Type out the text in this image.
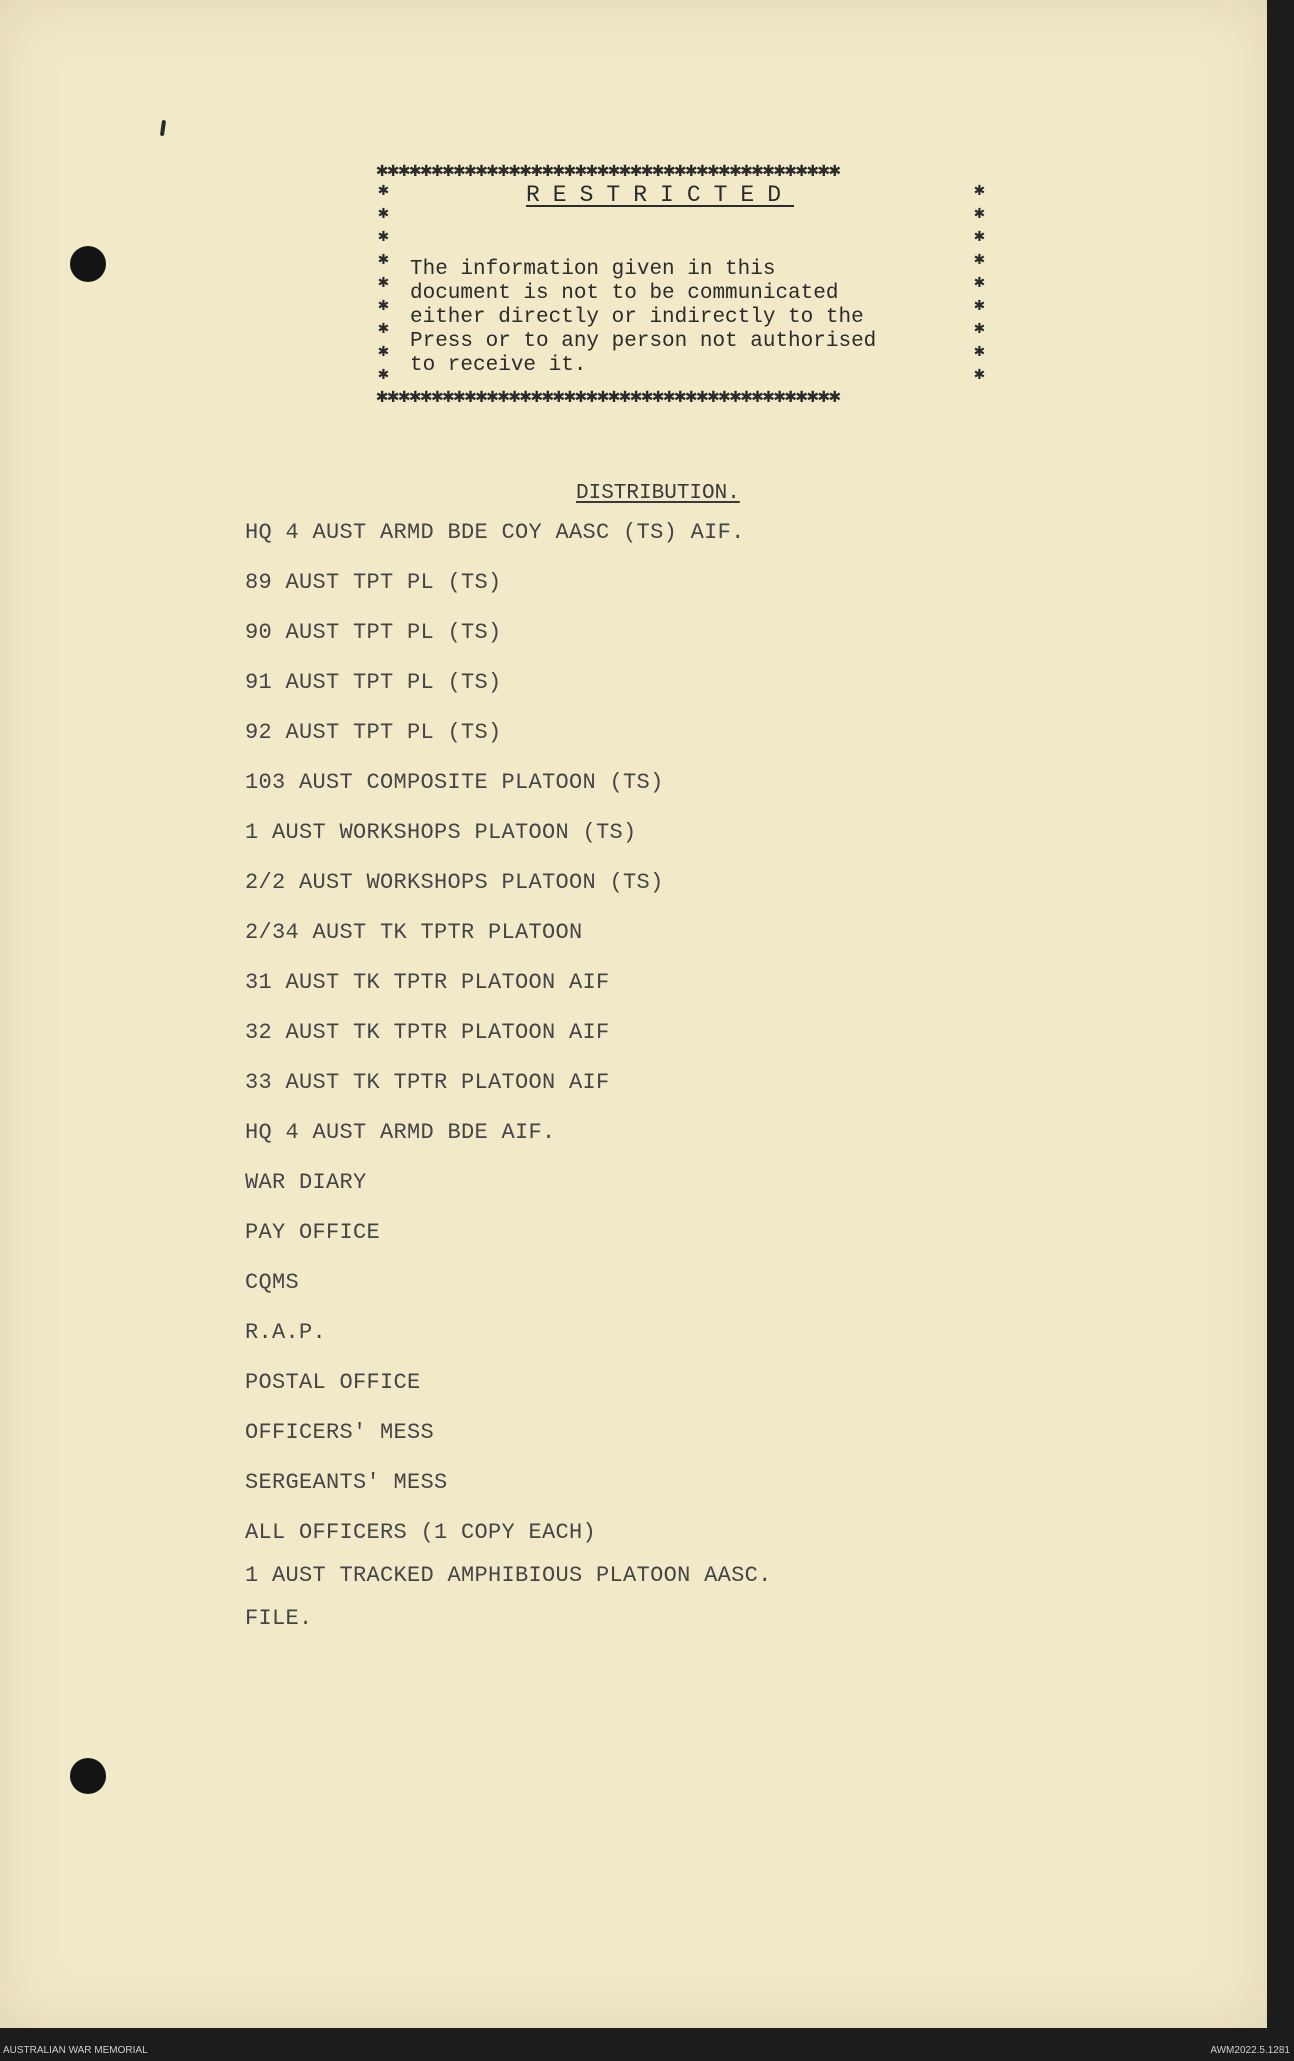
✱✱✱✱✱✱✱✱✱✱✱✱✱✱✱✱✱✱✱✱✱✱✱✱✱✱✱✱✱✱✱✱✱✱✱✱✱✱✱✱✱✱
✱
✱
✱
✱
✱
✱
✱
✱
✱
✱
✱
✱
✱
✱
✱
✱
✱
✱
RESTRICTED
The information given in this
document is not to be communicated
either directly or indirectly to the
Press or to any person not authorised
to receive it.
✱✱✱✱✱✱✱✱✱✱✱✱✱✱✱✱✱✱✱✱✱✱✱✱✱✱✱✱✱✱✱✱✱✱✱✱✱✱✱✱✱✱
DISTRIBUTION.
HQ 4 AUST ARMD BDE COY AASC (TS) AIF.
89 AUST TPT PL (TS)
90 AUST TPT PL (TS)
91 AUST TPT PL (TS)
92 AUST TPT PL (TS)
103 AUST COMPOSITE PLATOON (TS)
1 AUST WORKSHOPS PLATOON (TS)
2/2 AUST WORKSHOPS PLATOON (TS)
2/34 AUST TK TPTR PLATOON
31 AUST TK TPTR PLATOON AIF
32 AUST TK TPTR PLATOON AIF
33 AUST TK TPTR PLATOON AIF
HQ 4 AUST ARMD BDE AIF.
WAR DIARY
PAY OFFICE
CQMS
R.A.P.
POSTAL OFFICE
OFFICERS' MESS
SERGEANTS' MESS
ALL OFFICERS (1 COPY EACH)
1 AUST TRACKED AMPHIBIOUS PLATOON AASC.
FILE.
AUSTRALIAN WAR MEMORIAL	AWM2022.5.1281
